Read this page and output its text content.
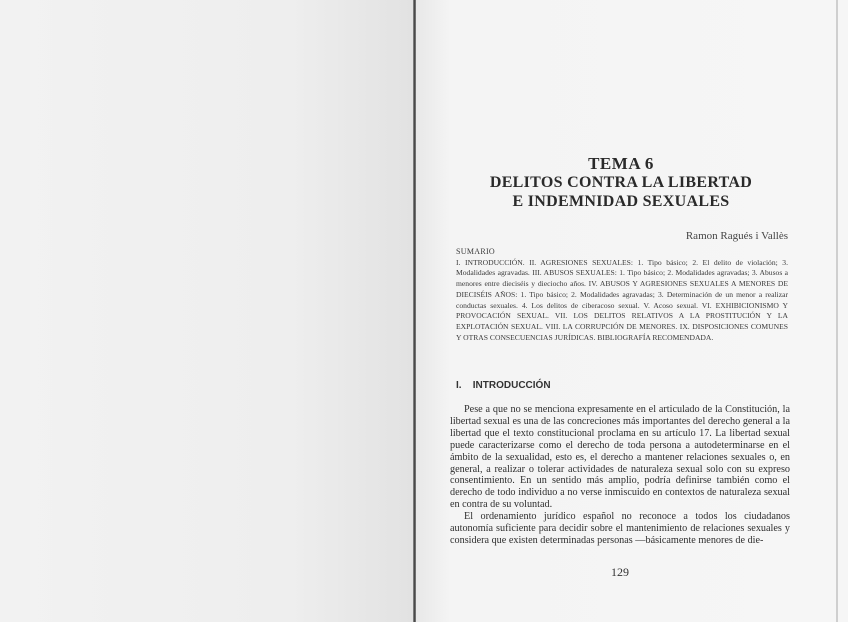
TEMA 6
DELITOS CONTRA LA LIBERTAD
E INDEMNIDAD SEXUALES
Ramon Ragués i Vallès
SUMARIO
I. INTRODUCCIÓN. II. AGRESIONES SEXUALES: 1. Tipo básico; 2. El delito de violación; 3. Modalidades agravadas. III. ABUSOS SEXUALES: 1. Tipo básico; 2. Modalidades agravadas; 3. Abusos a menores entre dieciséis y dieciocho años. IV. ABUSOS Y AGRESIONES SEXUALES A MENORES DE DIECISÉIS AÑOS: 1. Tipo básico; 2. Modalidades agravadas; 3. Determinación de un menor a realizar conductas sexuales. 4. Los delitos de ciberacoso sexual. V. Acoso sexual. VI. EXHIBICIONISMO Y PROVOCACIÓN SEXUAL. VII. LOS DELITOS RELATIVOS A LA PROSTITUCIÓN Y LA EXPLOTACIÓN SEXUAL. VIII. LA CORRUPCIÓN DE MENORES. IX. DISPOSICIONES COMUNES Y OTRAS CONSECUENCIAS JURÍDICAS. BIBLIOGRAFÍA RECOMENDADA.
I. INTRODUCCIÓN

Pese a que no se menciona expresamente en el articulado de la Constitución, la libertad sexual es una de las concreciones más importantes del derecho general a la libertad que el texto constitucional proclama en su artículo 17. La libertad sexual puede caracterizarse como el derecho de toda persona a autodeterminarse en el ámbito de la sexualidad, esto es, el derecho a mantener relaciones sexuales o, en general, a realizar o tolerar actividades de naturaleza sexual solo con su expreso consentimiento. En un sentido más amplio, podría definirse también como el derecho de todo individuo a no verse inmiscuido en contextos de naturaleza sexual en contra de su voluntad.

El ordenamiento jurídico español no reconoce a todos los ciudadanos autonomía suficiente para decidir sobre el mantenimiento de relaciones sexuales y considera que existen determinadas personas —básicamente menores de die-

129
